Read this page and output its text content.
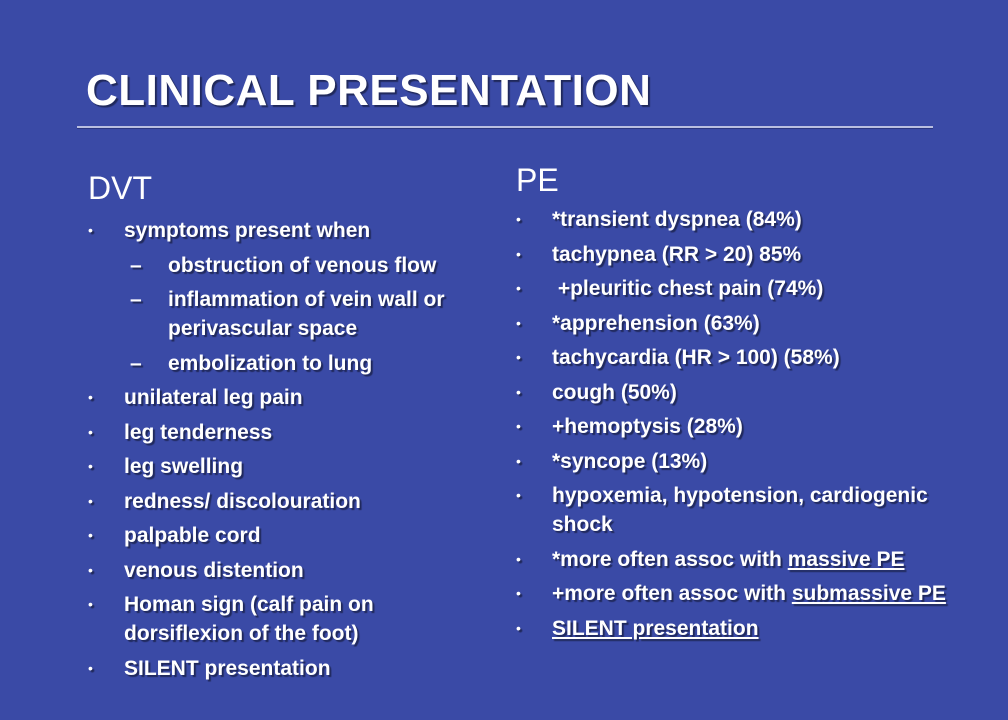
CLINICAL PRESENTATION
DVT	PE
• symptoms present when
– obstruction of venous flow
– inflammation of vein wall or perivascular space
– embolization to lung
• unilateral leg pain
• leg tenderness
• leg swelling
• redness/ discolouration
• palpable cord
• venous distention
• Homan sign (calf pain on dorsiflexion of the foot)
• SILENT presentation
• *transient dyspnea (84%)
• tachypnea (RR > 20) 85%
• +pleuritic chest pain (74%)
• *apprehension (63%)
• tachycardia (HR > 100) (58%)
• cough (50%)
• +hemoptysis (28%)
• *syncope (13%)
• hypoxemia, hypotension, cardiogenic shock
• *more often assoc with massive PE
• +more often assoc with submassive PE
• SILENT presentation
